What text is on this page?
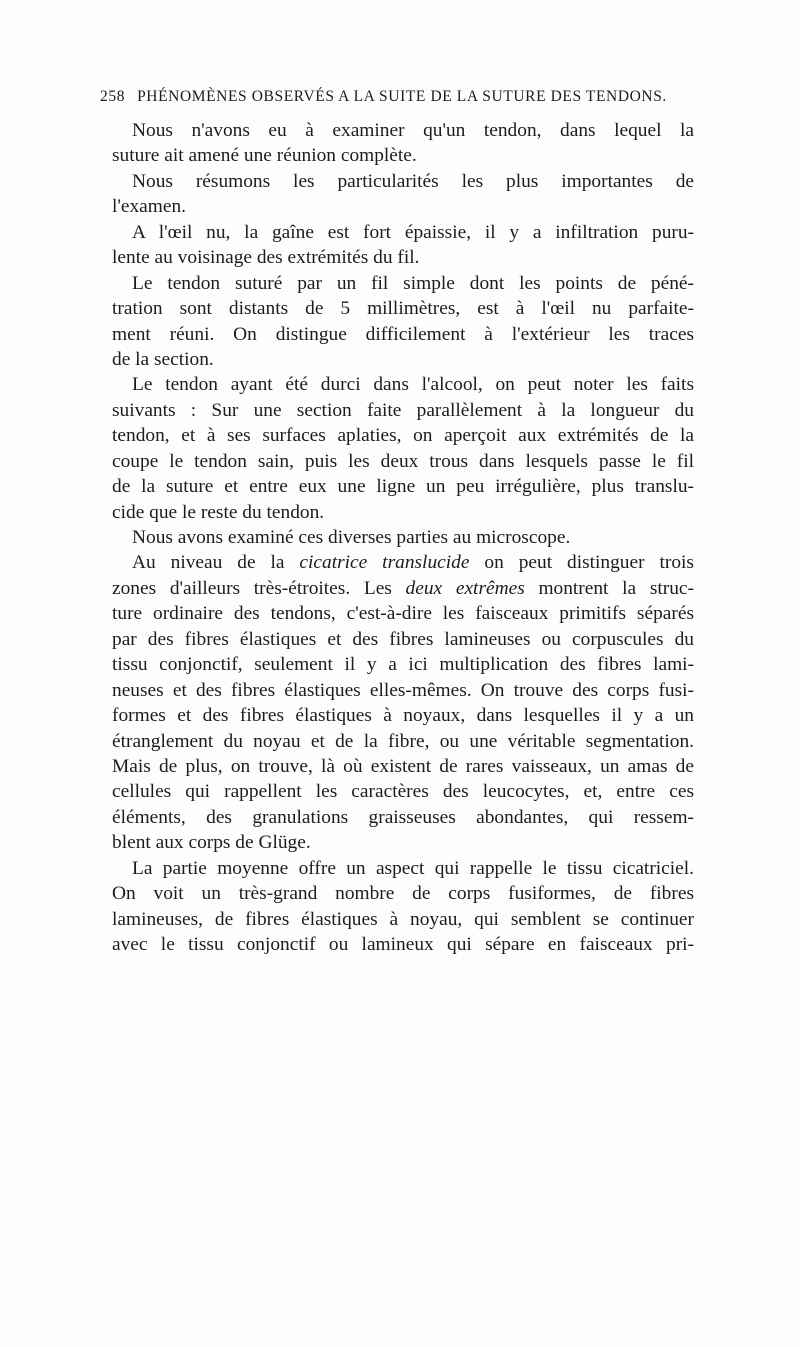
258 PHÉNOMÈNES OBSERVÉS A LA SUITE DE LA SUTURE DES TENDONS.
Nous n'avons eu à examiner qu'un tendon, dans lequel la
suture ait amené une réunion complète.
Nous résumons les particularités les plus importantes de
l'examen.
A l'œil nu, la gaîne est fort épaissie, il y a infiltration puru-
lente au voisinage des extrémités du fil.
Le tendon suturé par un fil simple dont les points de péné-
tration sont distants de 5 millimètres, est à l'œil nu parfaite-
ment réuni. On distingue difficilement à l'extérieur les traces
de la section.
Le tendon ayant été durci dans l'alcool, on peut noter les faits
suivants : Sur une section faite parallèlement à la longueur du
tendon, et à ses surfaces aplaties, on aperçoit aux extrémités de la
coupe le tendon sain, puis les deux trous dans lesquels passe le fil
de la suture et entre eux une ligne un peu irrégulière, plus translu-
cide que le reste du tendon.
Nous avons examiné ces diverses parties au microscope.
Au niveau de la cicatrice translucide on peut distinguer trois
zones d'ailleurs très-étroites. Les deux extrêmes montrent la struc-
ture ordinaire des tendons, c'est-à-dire les faisceaux primitifs séparés
par des fibres élastiques et des fibres lamineuses ou corpuscules du
tissu conjonctif, seulement il y a ici multiplication des fibres lami-
neuses et des fibres élastiques elles-mêmes. On trouve des corps fusi-
formes et des fibres élastiques à noyaux, dans lesquelles il y a un
étranglement du noyau et de la fibre, ou une véritable segmentation.
Mais de plus, on trouve, là où existent de rares vaisseaux, un amas de
cellules qui rappellent les caractères des leucocytes, et, entre ces
éléments, des granulations graisseuses abondantes, qui ressem-
blent aux corps de Glüge.
La partie moyenne offre un aspect qui rappelle le tissu cicatriciel.
On voit un très-grand nombre de corps fusiformes, de fibres
lamineuses, de fibres élastiques à noyau, qui semblent se continuer
avec le tissu conjonctif ou lamineux qui sépare en faisceaux pri-
